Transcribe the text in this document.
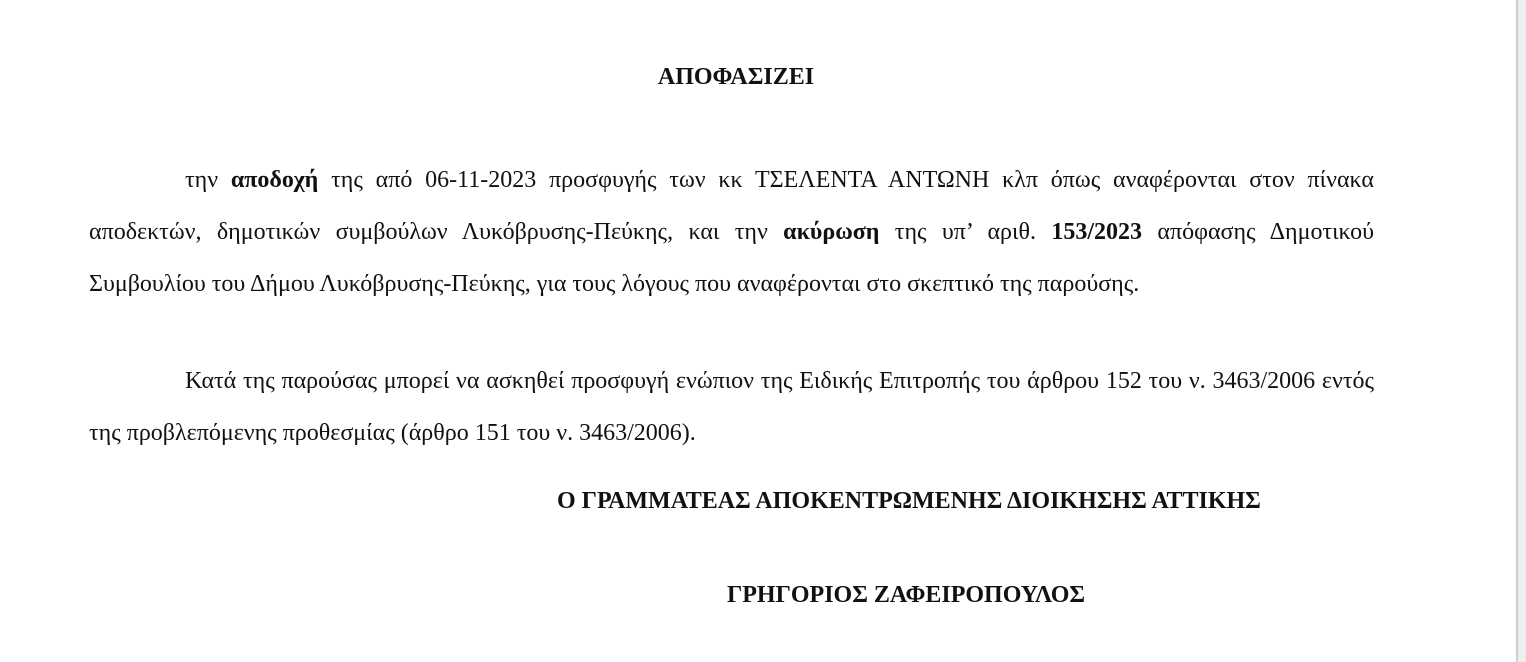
ΑΠΟΦΑΣΙΖΕΙ

την αποδοχή της από 06-11-2023 προσφυγής των κκ ΤΣΕΛΕΝΤΑ ΑΝΤΩΝΗ κλπ όπως αναφέρονται στον πίνακα αποδεκτών, δημοτικών συμβούλων Λυκόβρυσης-Πεύκης, και την ακύρωση της υπ’ αριθ. 153/2023 απόφασης Δημοτικού Συμβουλίου του Δήμου Λυκόβρυσης-Πεύκης, για τους λόγους που αναφέρονται στο σκεπτικό της παρούσης.

Κατά της παρούσας μπορεί να ασκηθεί προσφυγή ενώπιον της Ειδικής Επιτροπής του άρθρου 152 του ν. 3463/2006 εντός της προβλεπόμενης προθεσμίας (άρθρο 151 του ν. 3463/2006).

Ο ΓΡΑΜΜΑΤΕΑΣ ΑΠΟΚΕΝΤΡΩΜΕΝΗΣ ΔΙΟΙΚΗΣΗΣ ΑΤΤΙΚΗΣ
ΓΡΗΓΟΡΙΟΣ ΖΑΦΕΙΡΟΠΟΥΛΟΣ
